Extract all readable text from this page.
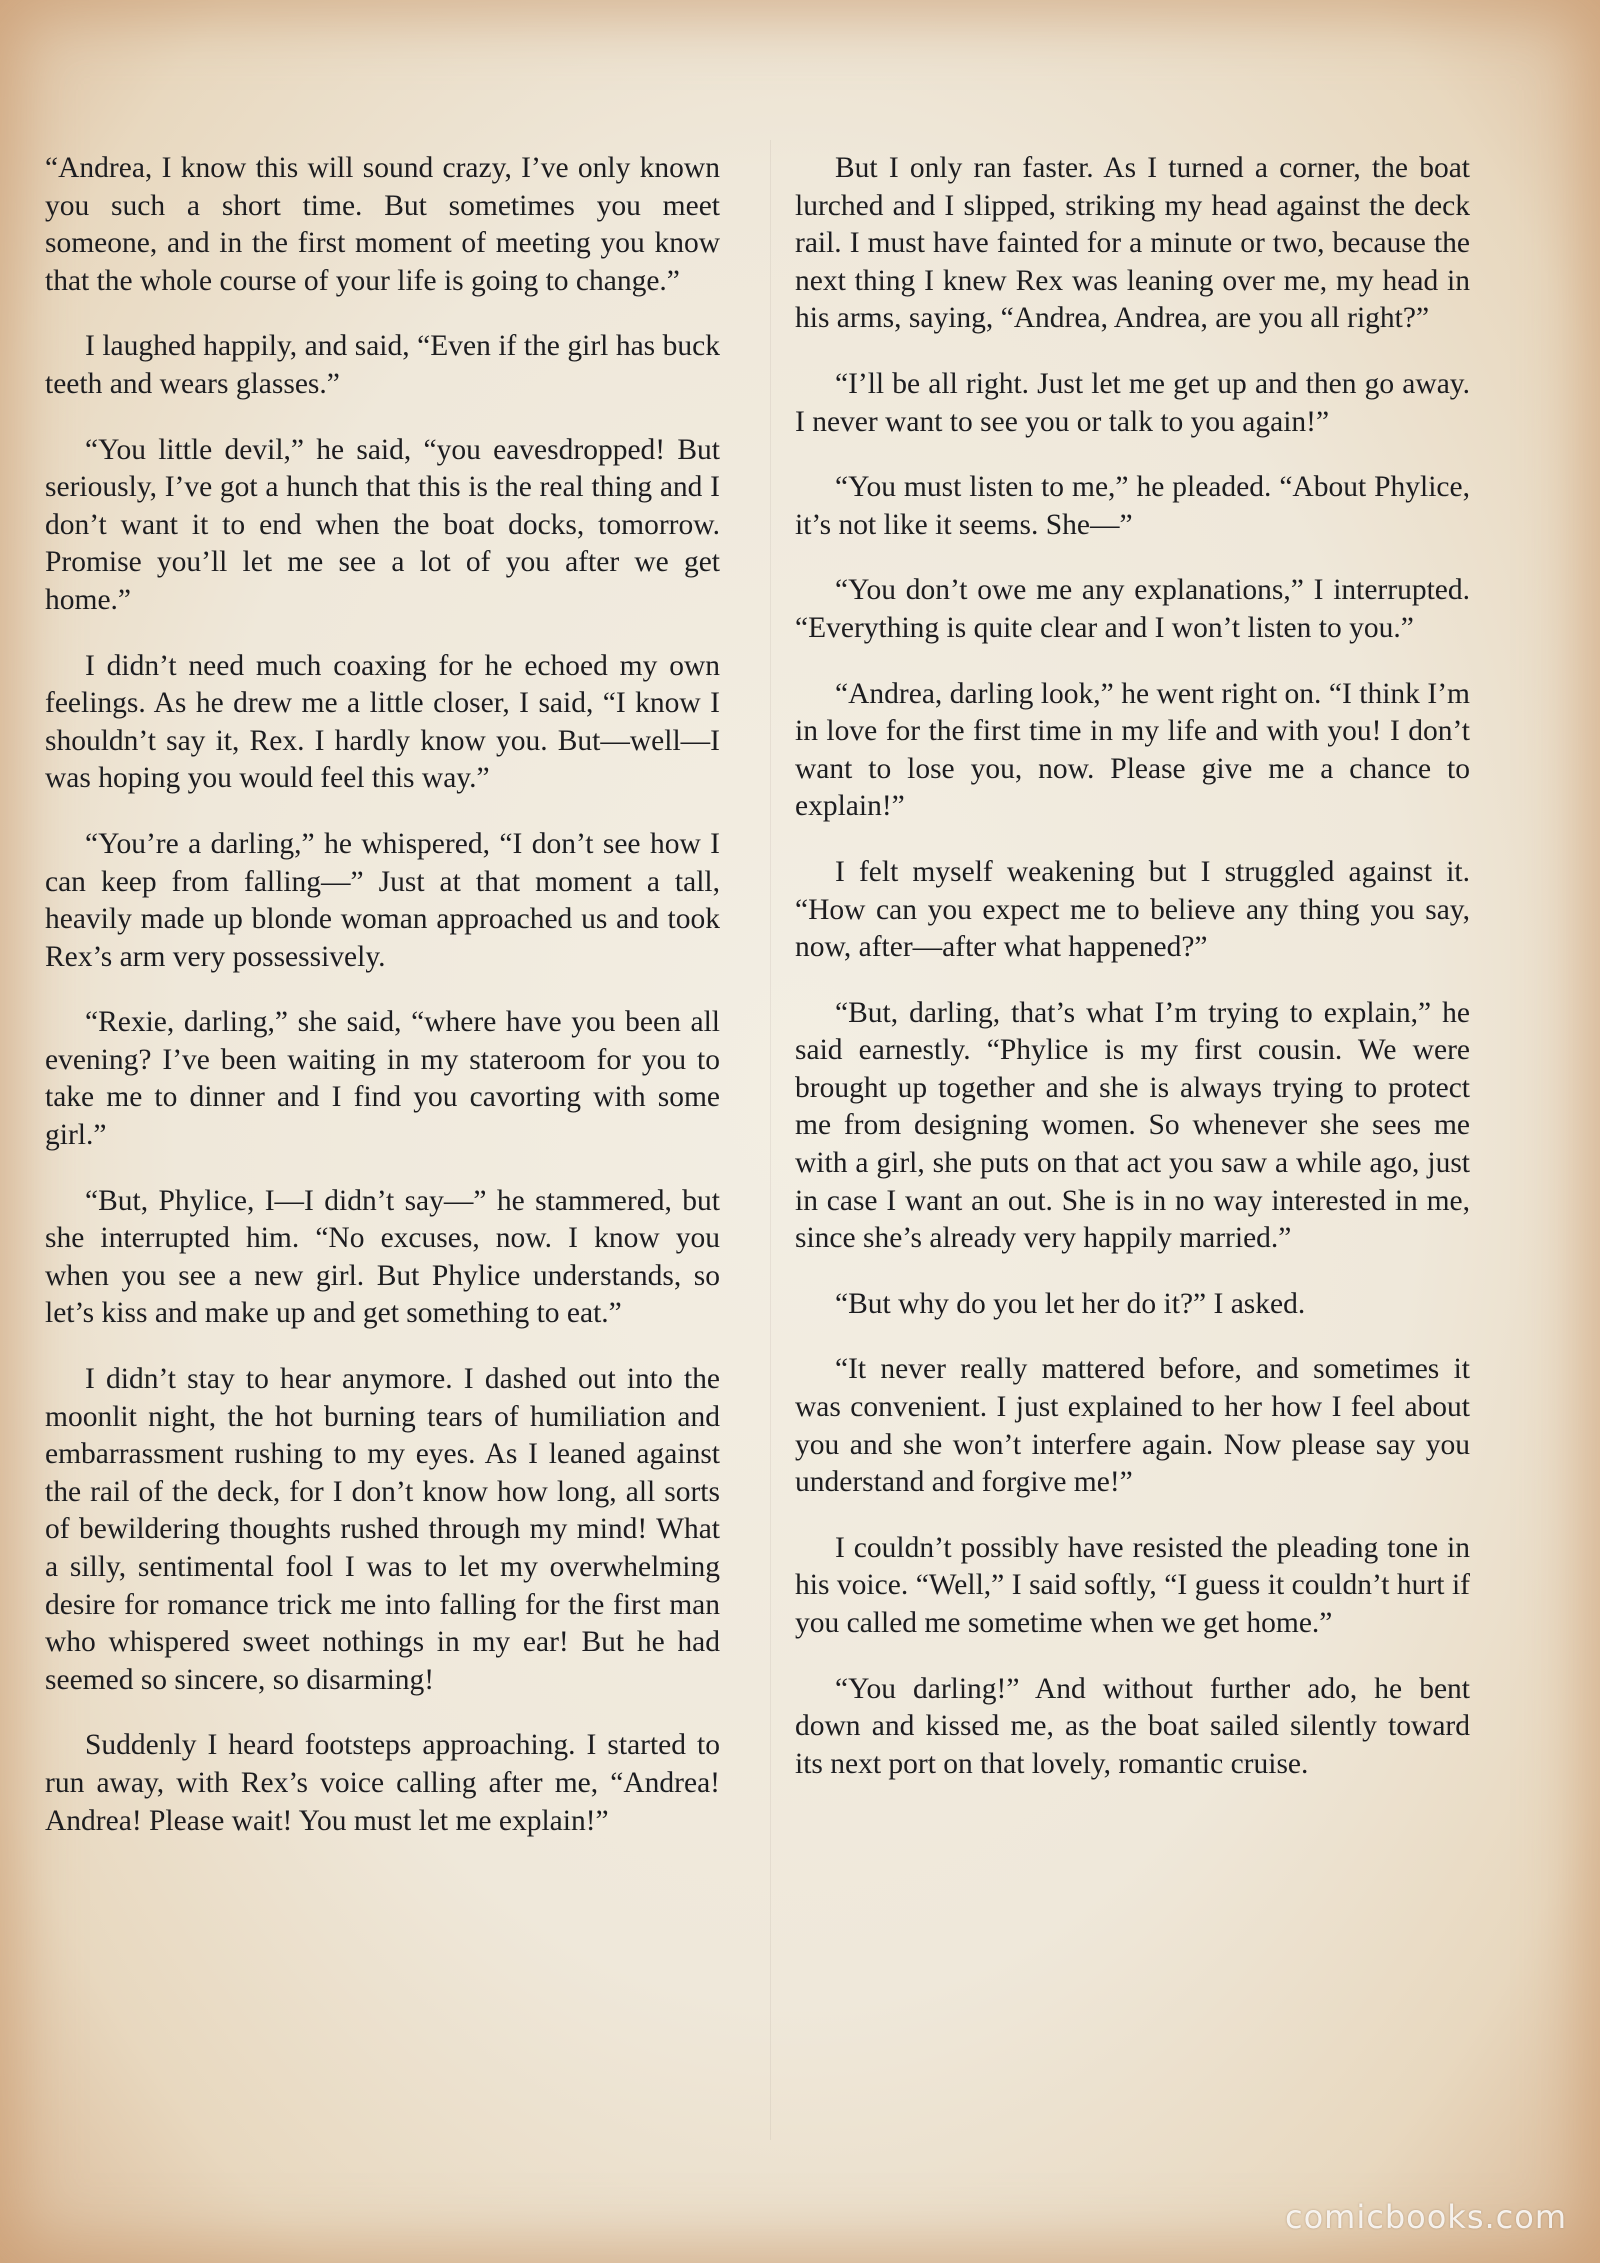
“Andrea, I know this will sound crazy, I’ve only known you such a short time. But sometimes you meet someone, and in the first moment of meeting you know that the whole course of your life is going to change.”

I laughed happily, and said, “Even if the girl has buck teeth and wears glasses.”

“You little devil,” he said, “you eavesdropped! But seriously, I’ve got a hunch that this is the real thing and I don’t want it to end when the boat docks, tomorrow. Promise you’ll let me see a lot of you after we get home.”

I didn’t need much coaxing for he echoed my own feelings. As he drew me a little closer, I said, “I know I shouldn’t say it, Rex. I hardly know you. But—well—I was hoping you would feel this way.”

“You’re a darling,” he whispered, “I don’t see how I can keep from falling—” Just at that moment a tall, heavily made up blonde woman approached us and took Rex’s arm very possessively.

“Rexie, darling,” she said, “where have you been all evening? I’ve been waiting in my stateroom for you to take me to dinner and I find you cavorting with some girl.”

“But, Phylice, I—I didn’t say—” he stammered, but she interrupted him. “No excuses, now. I know you when you see a new girl. But Phylice understands, so let’s kiss and make up and get something to eat.”

I didn’t stay to hear anymore. I dashed out into the moonlit night, the hot burning tears of humiliation and embarrassment rushing to my eyes. As I leaned against the rail of the deck, for I don’t know how long, all sorts of bewildering thoughts rushed through my mind! What a silly, sentimental fool I was to let my overwhelming desire for romance trick me into falling for the first man who whispered sweet nothings in my ear! But he had seemed so sincere, so disarming!

Suddenly I heard footsteps approaching. I started to run away, with Rex’s voice calling after me, “Andrea! Andrea! Please wait! You must let me explain!”

But I only ran faster. As I turned a corner, the boat lurched and I slipped, striking my head against the deck rail. I must have fainted for a minute or two, because the next thing I knew Rex was leaning over me, my head in his arms, saying, “Andrea, Andrea, are you all right?”

“I’ll be all right. Just let me get up and then go away. I never want to see you or talk to you again!”

“You must listen to me,” he pleaded. “About Phylice, it’s not like it seems. She—”

“You don’t owe me any explanations,” I interrupted. “Everything is quite clear and I won’t listen to you.”

“Andrea, darling look,” he went right on. “I think I’m in love for the first time in my life and with you! I don’t want to lose you, now. Please give me a chance to explain!”

I felt myself weakening but I struggled against it. “How can you expect me to believe any thing you say, now, after—after what happened?”

“But, darling, that’s what I’m trying to explain,” he said earnestly. “Phylice is my first cousin. We were brought up together and she is always trying to protect me from designing women. So whenever she sees me with a girl, she puts on that act you saw a while ago, just in case I want an out. She is in no way interested in me, since she’s already very happily married.”

“But why do you let her do it?” I asked.

“It never really mattered before, and sometimes it was convenient. I just explained to her how I feel about you and she won’t interfere again. Now please say you understand and forgive me!”

I couldn’t possibly have resisted the pleading tone in his voice. “Well,” I said softly, “I guess it couldn’t hurt if you called me sometime when we get home.”

“You darling!” And without further ado, he bent down and kissed me, as the boat sailed silently toward its next port on that lovely, romantic cruise.

comicbooks.com
